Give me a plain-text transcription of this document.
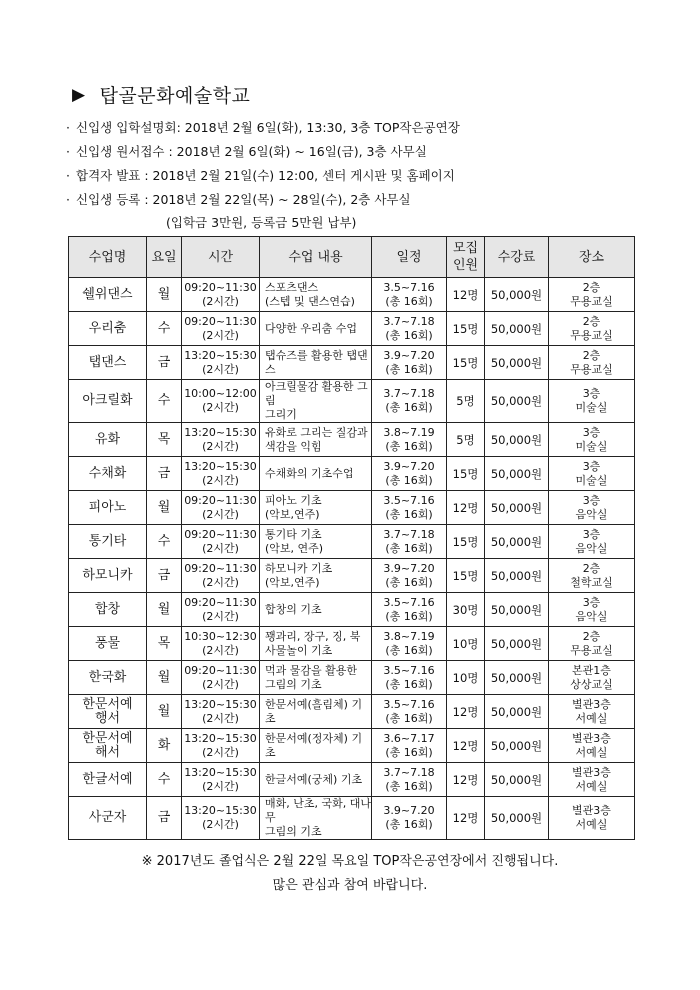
▶ 탑골문화예술학교
· 신입생 입학설명회: 2018년 2월 6일(화), 13:30, 3층 TOP작은공연장
· 신입생 원서접수 : 2018년 2월 6일(화) ~ 16일(금), 3층 사무실
· 합격자 발표 : 2018년 2월 21일(수) 12:00, 센터 게시판 및 홈페이지
· 신입생 등록 : 2018년 2월 22일(목) ~ 28일(수), 2층 사무실
(입학금 3만원, 등록금 5만원 납부)
수업명	요일	시간	수업 내용	일정	모집
인원	수강료	장소

쉘위댄스	월	09:20~11:30
(2시간)	스포츠댄스
(스텝 및 댄스연습)	3.5~7.16
(총 16회)	12명	50,000원	2층
무용교실

우리춤	수	09:20~11:30
(2시간)	다양한 우리춤 수업	3.7~7.18
(총 16회)	15명	50,000원	2층
무용교실

탭댄스	금	13:20~15:30
(2시간)	탭슈즈를 활용한 탭댄스	3.9~7.20
(총 16회)	15명	50,000원	2층
무용교실

아크릴화	수	10:00~12:00
(2시간)	아크릴물감 활용한 그림
그리기	3.7~7.18
(총 16회)	5명	50,000원	3층
미술실

유화	목	13:20~15:30
(2시간)	유화로 그리는 질감과
색감을 익힘	3.8~7.19
(총 16회)	5명	50,000원	3층
미술실

수채화	금	13:20~15:30
(2시간)	수채화의 기초수업	3.9~7.20
(총 16회)	15명	50,000원	3층
미술실

피아노	월	09:20~11:30
(2시간)	피아노 기초
(악보,연주)	3.5~7.16
(총 16회)	12명	50,000원	3층
음악실

통기타	수	09:20~11:30
(2시간)	통기타 기초
(악보, 연주)	3.7~7.18
(총 16회)	15명	50,000원	3층
음악실

하모니카	금	09:20~11:30
(2시간)	하모니카 기초
(악보,연주)	3.9~7.20
(총 16회)	15명	50,000원	2층
철학교실

합창	월	09:20~11:30
(2시간)	합창의 기초	3.5~7.16
(총 16회)	30명	50,000원	3층
음악실

풍물	목	10:30~12:30
(2시간)	꽹과리, 장구, 징, 북
사물놀이 기초	3.8~7.19
(총 16회)	10명	50,000원	2층
무용교실

한국화	월	09:20~11:30
(2시간)	먹과 물감을 활용한
그림의 기초	3.5~7.16
(총 16회)	10명	50,000원	본관1층
상상교실

한문서예
행서	월	13:20~15:30
(2시간)	한문서예(흘림체) 기초	3.5~7.16
(총 16회)	12명	50,000원	별관3층
서예실

한문서예
해서	화	13:20~15:30
(2시간)	한문서예(정자체) 기초	3.6~7.17
(총 16회)	12명	50,000원	별관3층
서예실

한글서예	수	13:20~15:30
(2시간)	한글서예(궁체) 기초	3.7~7.18
(총 16회)	12명	50,000원	별관3층
서예실

사군자	금	13:20~15:30
(2시간)	매화, 난초, 국화, 대나무
그림의 기초	3.9~7.20
(총 16회)	12명	50,000원	별관3층
서예실
※ 2017년도 졸업식은 2월 22일 목요일 TOP작은공연장에서 진행됩니다.
많은 관심과 참여 바랍니다.
